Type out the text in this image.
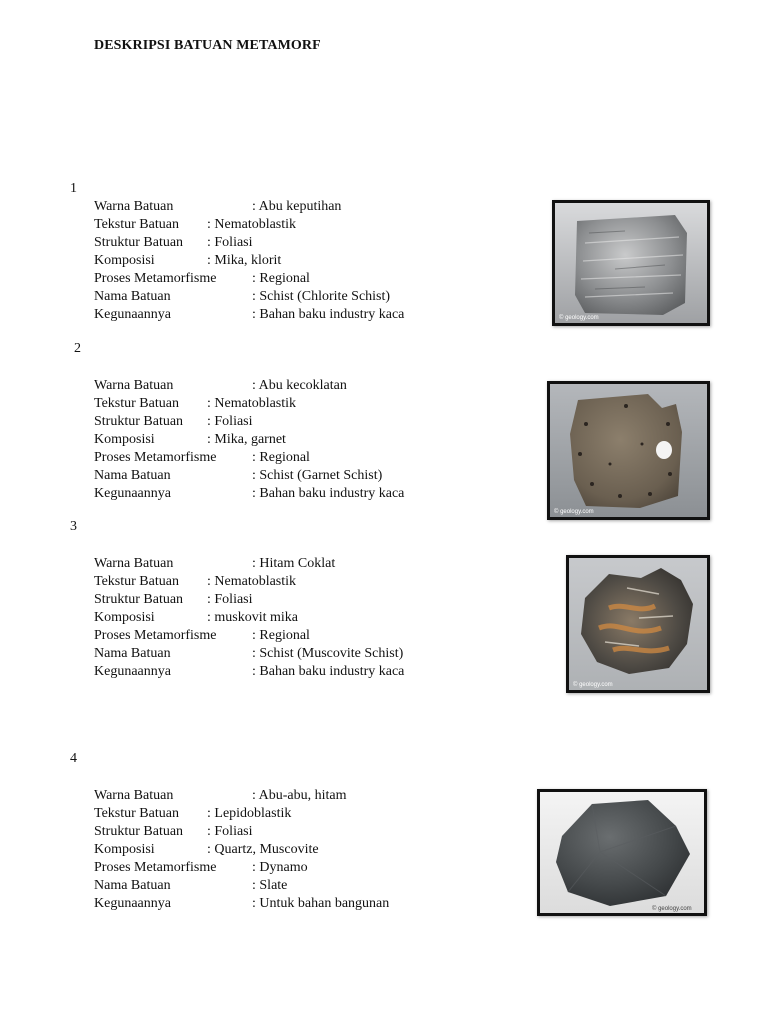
DESKRIPSI BATUAN METAMORF
1
Warna Batuan	: Abu keputihan
Tekstur Batuan : Nematoblastik
Struktur Batuan : Foliasi
Komposisi	: Mika, klorit
Proses Metamorfisme	: Regional
Nama Batuan	: Schist (Chlorite Schist)
Kegunaannya	: Bahan baku industry kaca	© geology.com
2
Warna Batuan	: Abu kecoklatan
Tekstur Batuan : Nematoblastik
Struktur Batuan : Foliasi
Komposisi	: Mika, garnet
Proses Metamorfisme	: Regional
Nama Batuan	: Schist (Garnet Schist)
Kegunaannya	: Bahan baku industry kaca
© geology.com
3
Warna Batuan	: Hitam Coklat
Tekstur Batuan : Nematoblastik
Struktur Batuan : Foliasi
Komposisi	: muskovit mika
Proses Metamorfisme	: Regional
Nama Batuan	: Schist (Muscovite Schist)
Kegunaannya	: Bahan baku industry kaca
© geology.com
4
Warna Batuan	: Abu-abu, hitam
Tekstur Batuan : Lepidoblastik
Struktur Batuan : Foliasi
Komposisi	: Quartz, Muscovite
Proses Metamorfisme	: Dynamo
Nama Batuan	: Slate
Kegunaannya	: Untuk bahan bangunan	© geology.com
